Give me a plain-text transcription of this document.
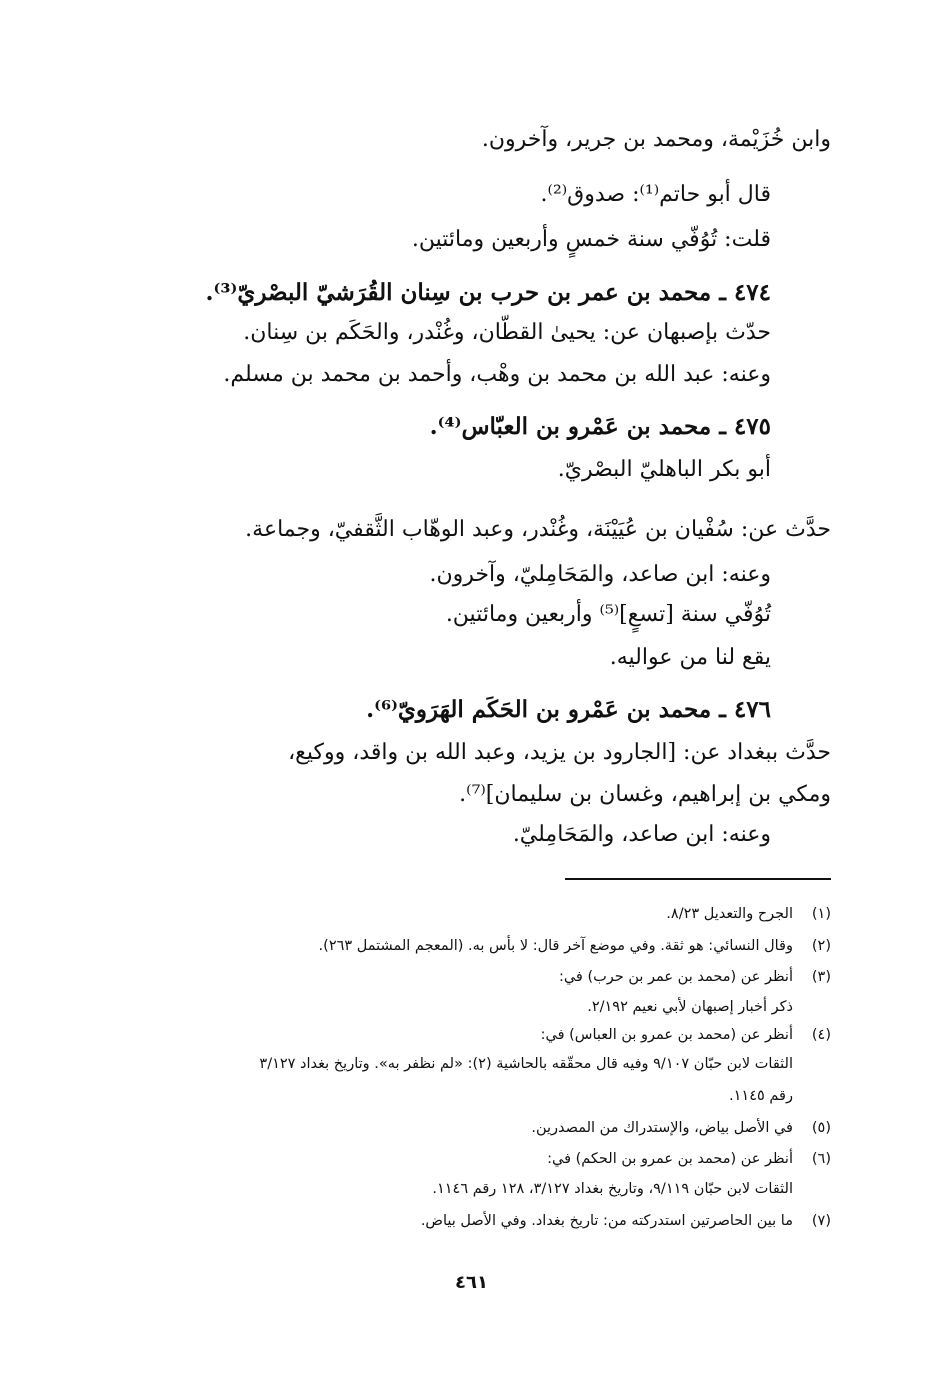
وابن خُزَيْمة، ومحمد بن جرير، وآخرون.
قال أبو حاتم⁽¹⁾: صدوق⁽²⁾.
قلت: تُوُفّي سنة خمسٍ وأربعين ومائتين.
٤٧٤ ـ محمد بن عمر بن حرب بن سِنان القُرَشيّ البصْريّ⁽³⁾.
حدّث بإصبهان عن: يحيىٰ القطّان، وغُنْدر، والحَكَم بن سِنان.
وعنه: عبد الله بن محمد بن وهْب، وأحمد بن محمد بن مسلم.
٤٧٥ ـ محمد بن عَمْرو بن العبّاس⁽⁴⁾.
أبو بكر الباهليّ البصْريّ.
حدَّث عن: سُفْيان بن عُيَيْنَة، وغُنْدر، وعبد الوهّاب الثَّقفيّ، وجماعة.
وعنه: ابن صاعد، والمَحَامِليّ، وآخرون.
تُوُفّي سنة [تسعٍ]⁽⁵⁾ وأربعين ومائتين.
يقع لنا من عواليه.
٤٧٦ ـ محمد بن عَمْرو بن الحَكَم الهَرَويّ⁽⁶⁾.
حدَّث ببغداد عن: [الجارود بن يزيد، وعبد الله بن واقد، ووكيع،
ومكي بن إبراهيم، وغسان بن سليمان]⁽⁷⁾.
وعنه: ابن صاعد، والمَحَامِليّ.
(١)الجرح والتعديل ٨/٢٣.
(٢)وقال النسائي: هو ثقة. وفي موضع آخر قال: لا بأس به. (المعجم المشتمل ٢٦٣).
(٣)أنظر عن (محمد بن عمر بن حرب) في:
ذكر أخبار إصبهان لأبي نعيم ٢/١٩٢.
(٤)أنظر عن (محمد بن عمرو بن العباس) في:
الثقات لابن حبّان ٩/١٠٧ وفيه قال محقّقه بالحاشية (٢): «لم نظفر به». وتاريخ بغداد ٣/١٢٧
رقم ١١٤٥.
(٥)في الأصل بياض، والإستدراك من المصدرين.
(٦)أنظر عن (محمد بن عمرو بن الحكم) في:
الثقات لابن حبّان ٩/١١٩، وتاريخ بغداد ٣/١٢٧، ١٢٨ رقم ١١٤٦.
(٧)ما بين الحاصرتين استدركته من: تاريخ بغداد. وفي الأصل بياض.
٤٦١
